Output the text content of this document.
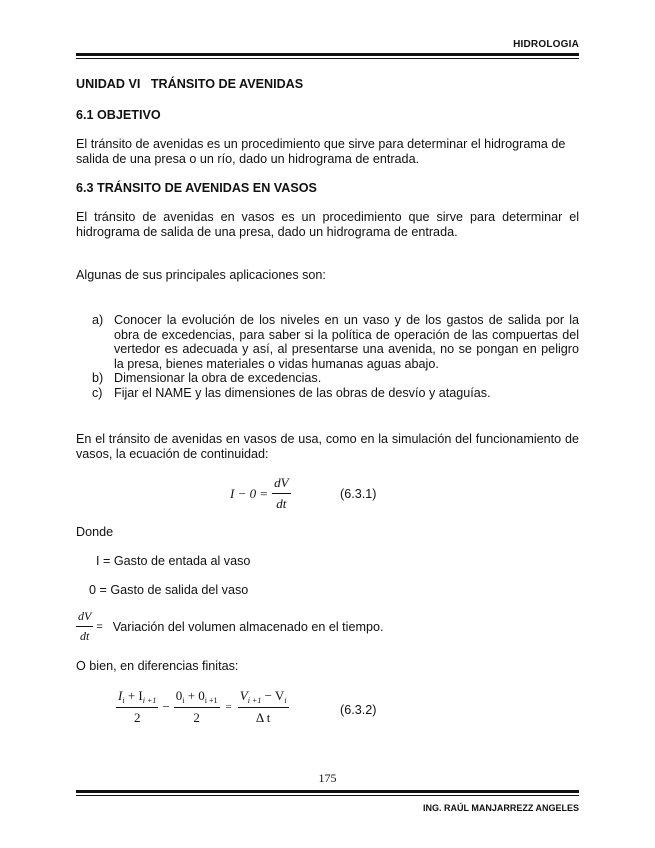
HIDROLOGIA
UNIDAD VI   TRÁNSITO DE AVENIDAS
6.1 OBJETIVO
El tránsito de avenidas es un procedimiento que sirve para determinar el hidrograma de salida de una presa o un río, dado un hidrograma de entrada.
6.3 TRÁNSITO DE AVENIDAS EN VASOS
El tránsito de avenidas en vasos es un procedimiento que sirve para determinar el hidrograma de salida de una presa, dado un hidrograma de entrada.
Algunas de sus principales aplicaciones son:
a) Conocer la evolución de los niveles en un vaso y de los gastos de salida por la obra de excedencias, para saber si la política de operación de las compuertas del vertedor es adecuada y así, al presentarse una avenida, no se pongan en peligro la presa, bienes materiales o vidas humanas aguas abajo.
b) Dimensionar la obra de excedencias.
c) Fijar el NAME y las dimensiones de las obras de desvío y ataguías.
En el tránsito de avenidas en vasos de usa, como en la simulación del funcionamiento de vasos, la ecuación de continuidad:
$I - 0 = \frac{dV}{dt}$	(6.3.1)
Donde
I = Gasto de entada al vaso
0 = Gasto de salida del vaso
$\frac{dV}{dt}$ = Variación del volumen almacenado en el tiempo.
O bien, en diferencias finitas:
$\frac{I_i + I_{i +1}}{2} - \frac{0_i + 0_{i +1}}{2} = \frac{V_{i +1} - V_i}{\text{Δ t}}$	(6.3.2)
175
ING. RAÚL MANJARREZZ ANGELES
